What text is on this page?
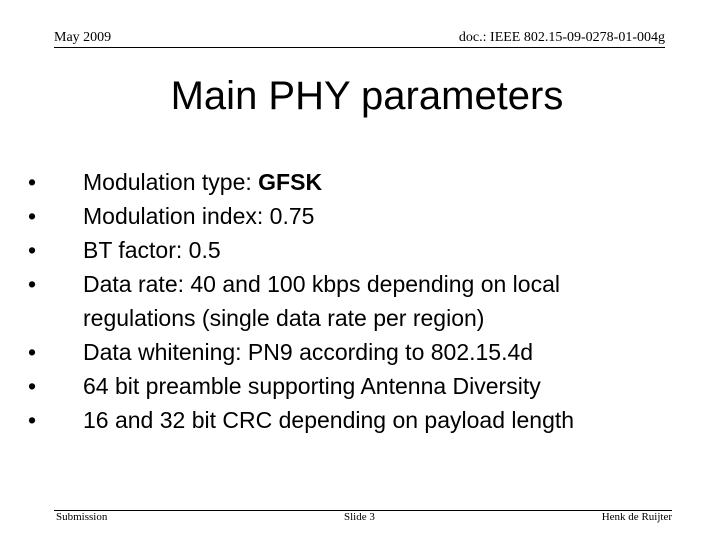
May 2009	doc.: IEEE 802.15-09-0278-01-004g
Main PHY parameters
•	Modulation type: GFSK
•	Modulation index: 0.75
•	BT factor: 0.5
•	Data rate: 40 and 100 kbps depending on local regulations (single data rate per region)
•	Data whitening: PN9 according to 802.15.4d
•	64 bit preamble supporting Antenna Diversity
•	16 and 32 bit CRC depending on payload length
Submission	Slide 3	Henk de Ruijter
